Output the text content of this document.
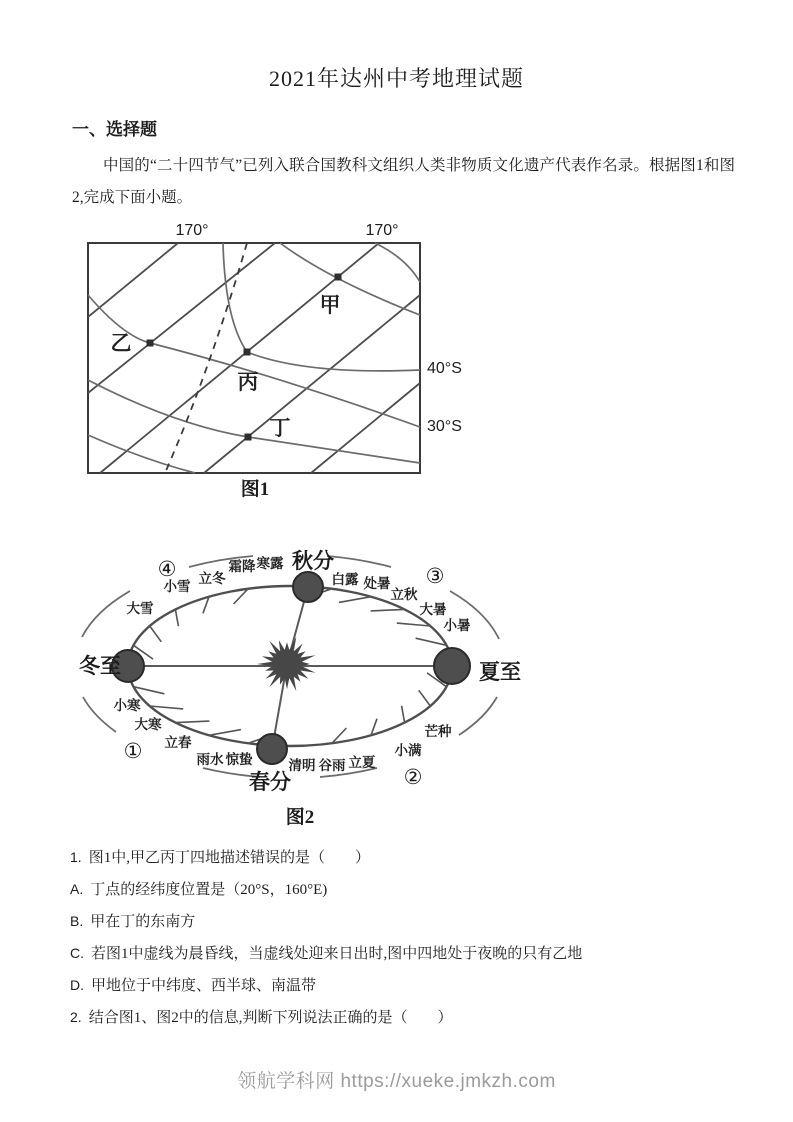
2021年达州中考地理试题
一、选择题
中国的“二十四节气”已列入联合国教科文组织人类非物质文化遗产代表作名录。根据图1和图2,完成下面小题。
170°	170°
甲
乙
丙
丁
40°S
30°S
图1
秋分
冬至	夏至
春分
④	③
①
②
大雪
小雪
立冬
霜降 寒露
白露 处暑
立秋
大暑
小暑
小寒
大寒
立春
雨水 惊蛰	清明 谷雨 立夏
小满
芒种
图2
1. 图1中,甲乙丙丁四地描述错误的是（　　）
A. 丁点的经纬度位置是（20°S，160°E)
B. 甲在丁的东南方
C. 若图1中虚线为晨昏线，当虚线处迎来日出时,图中四地处于夜晚的只有乙地
D. 甲地位于中纬度、西半球、南温带
2. 结合图1、图2中的信息,判断下列说法正确的是（　　）
领航学科网 https://xueke.jmkzh.com
